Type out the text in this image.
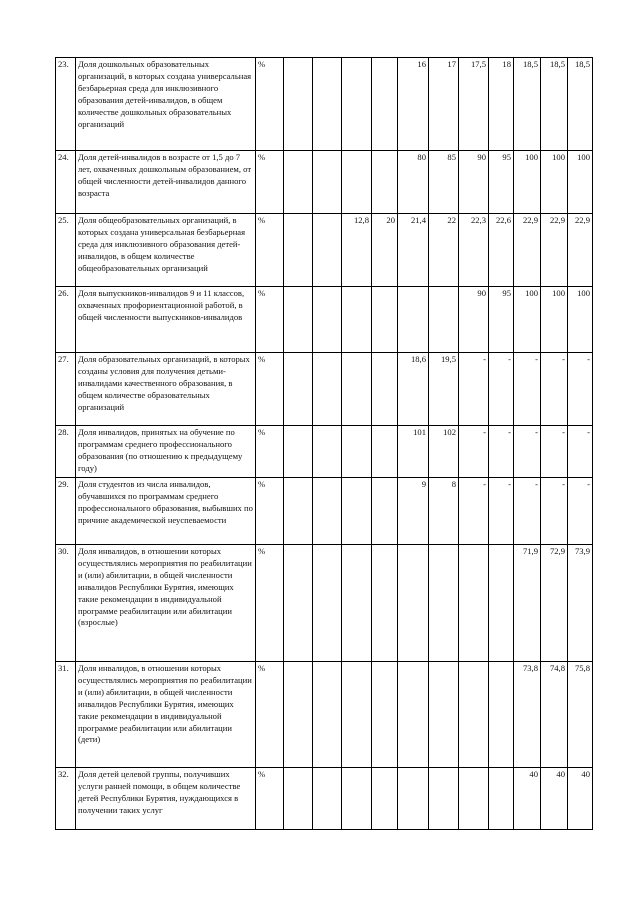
23.	Доля дошкольных образовательных организаций, в которых создана универсальная безбарьерная среда для инклюзивного образования детей-инвалидов, в общем количестве дошкольных образовательных организаций	%					16	17	17,5	18	18,5	18,5	18,5
24.	Доля детей-инвалидов в возрасте от 1,5 до 7 лет, охваченных дошкольным образованием, от общей численности детей-инвалидов данного возраста	%					80	85	90	95	100	100	100
25.	Доля общеобразовательных организаций, в которых создана универсальная безбарьерная среда для инклюзивного образования детей-инвалидов, в общем количестве общеобразовательных организаций	%			12,8	20	21,4	22	22,3	22,6	22,9	22,9	22,9
26.	Доля выпускников-инвалидов 9 и 11 классов, охваченных профориентационной работой, в общей численности выпускников-инвалидов	%							90	95	100	100	100
27.	Доля образовательных организаций, в которых созданы условия для получения детьми-инвалидами качественного образования, в общем количестве образовательных организаций	%					18,6	19,5	-	-	-	-	-
28.	Доля инвалидов, принятых на обучение по программам среднего профессионального образования (по отношению к предыдущему году)	%					101	102	-	-	-	-	-
29.	Доля студентов из числа инвалидов, обучавшихся по программам среднего профессионального образования, выбывших по причине академической неуспеваемости	%					9	8	-	-	-	-	-
30.	Доля инвалидов, в отношении которых осуществлялись мероприятия по реабилитации и (или) абилитации, в общей численности инвалидов Республики Бурятия, имеющих такие рекомендации в индивидуальной программе реабилитации или абилитации (взрослые)	%									71,9	72,9	73,9
31.	Доля инвалидов, в отношении которых осуществлялись мероприятия по реабилитации и (или) абилитации, в общей численности инвалидов Республики Бурятия, имеющих такие рекомендации в индивидуальной программе реабилитации или абилитации (дети)	%									73,8	74,8	75,8
32.	Доля детей целевой группы, получивших услуги ранней помощи, в общем количестве детей Республики Бурятия, нуждающихся в получении таких услуг	%									40	40	40
